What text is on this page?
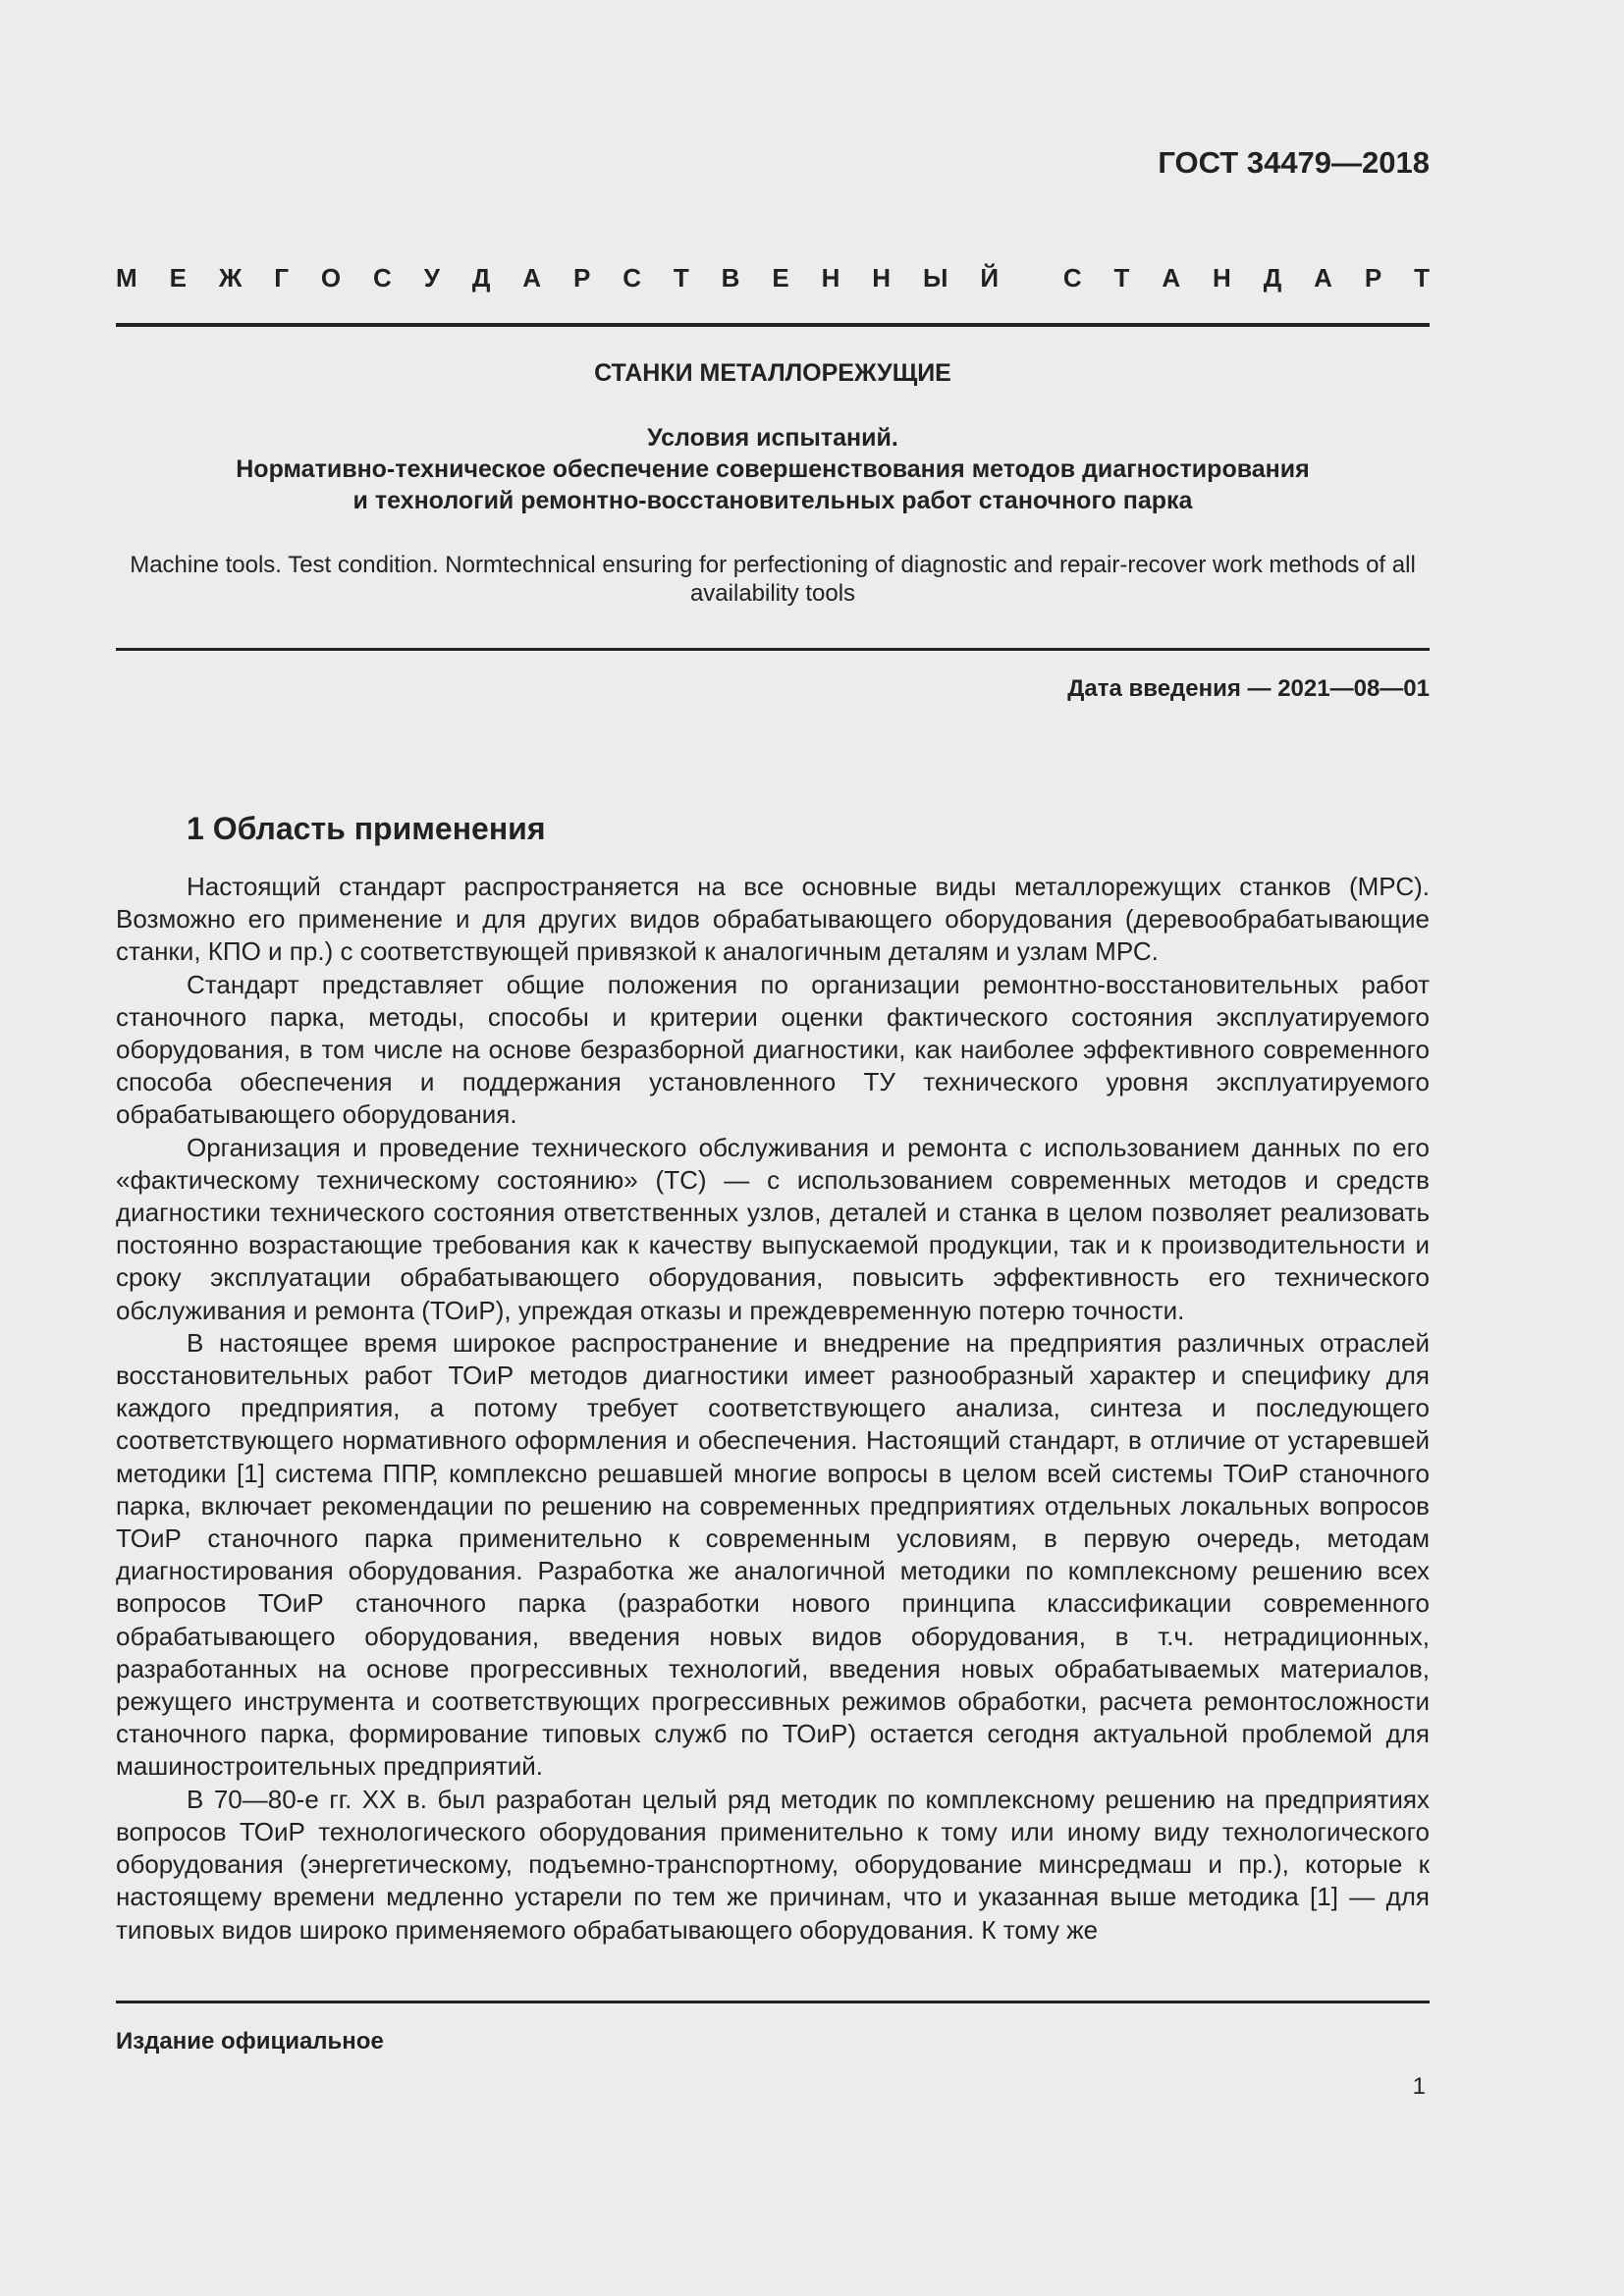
ГОСТ 34479—2018
М Е Ж Г О С У Д А Р С Т В Е Н Н Ы Й	С Т А Н Д А Р Т
СТАНКИ МЕТАЛЛОРЕЖУЩИЕ
Условия испытаний.
Нормативно-техническое обеспечение совершенствования методов диагностирования
и технологий ремонтно-восстановительных работ станочного парка
Machine tools. Test condition. Normtechnical ensuring for perfectioning of diagnostic and repair-recover work methods of all availability tools
Дата введения — 2021—08—01
1 Область применения

Настоящий стандарт распространяется на все основные виды металлорежущих станков (МРС). Возможно его применение и для других видов обрабатывающего оборудования (деревообрабатывающие станки, КПО и пр.) с соответствующей привязкой к аналогичным деталям и узлам МРС.

Стандарт представляет общие положения по организации ремонтно-восстановительных работ станочного парка, методы, способы и критерии оценки фактического состояния эксплуатируемого оборудования, в том числе на основе безразборной диагностики, как наиболее эффективного современного способа обеспечения и поддержания установленного ТУ технического уровня эксплуатируемого обрабатывающего оборудования.

Организация и проведение технического обслуживания и ремонта с использованием данных по его «фактическому техническому состоянию» (ТС) — с использованием современных методов и средств диагностики технического состояния ответственных узлов, деталей и станка в целом позволяет реализовать постоянно возрастающие требования как к качеству выпускаемой продукции, так и к производительности и сроку эксплуатации обрабатывающего оборудования, повысить эффективность его технического обслуживания и ремонта (ТОиР), упреждая отказы и преждевременную потерю точности.

В настоящее время широкое распространение и внедрение на предприятия различных отраслей восстановительных работ ТОиР методов диагностики имеет разнообразный характер и специфику для каждого предприятия, а потому требует соответствующего анализа, синтеза и последующего соответствующего нормативного оформления и обеспечения. Настоящий стандарт, в отличие от устаревшей методики [1] система ППР, комплексно решавшей многие вопросы в целом всей системы ТОиР станочного парка, включает рекомендации по решению на современных предприятиях отдельных локальных вопросов ТОиР станочного парка применительно к современным условиям, в первую очередь, методам диагностирования оборудования. Разработка же аналогичной методики по комплексному решению всех вопросов ТОиР станочного парка (разработки нового принципа классификации современного обрабатывающего оборудования, введения новых видов оборудования, в т.ч. нетрадиционных, разработанных на основе прогрессивных технологий, введения новых обрабатываемых материалов, режущего инструмента и соответствующих прогрессивных режимов обработки, расчета ремонтосложности станочного парка, формирование типовых служб по ТОиР) остается сегодня актуальной проблемой для машиностроительных предприятий.

В 70—80-е гг. XX в. был разработан целый ряд методик по комплексному решению на предприятиях вопросов ТОиР технологического оборудования применительно к тому или иному виду технологического оборудования (энергетическому, подъемно-транспортному, оборудование минсредмаш и пр.), которые к настоящему времени медленно устарели по тем же причинам, что и указанная выше методика [1] — для типовых видов широко применяемого обрабатывающего оборудования. К тому же

Издание официальное
1
